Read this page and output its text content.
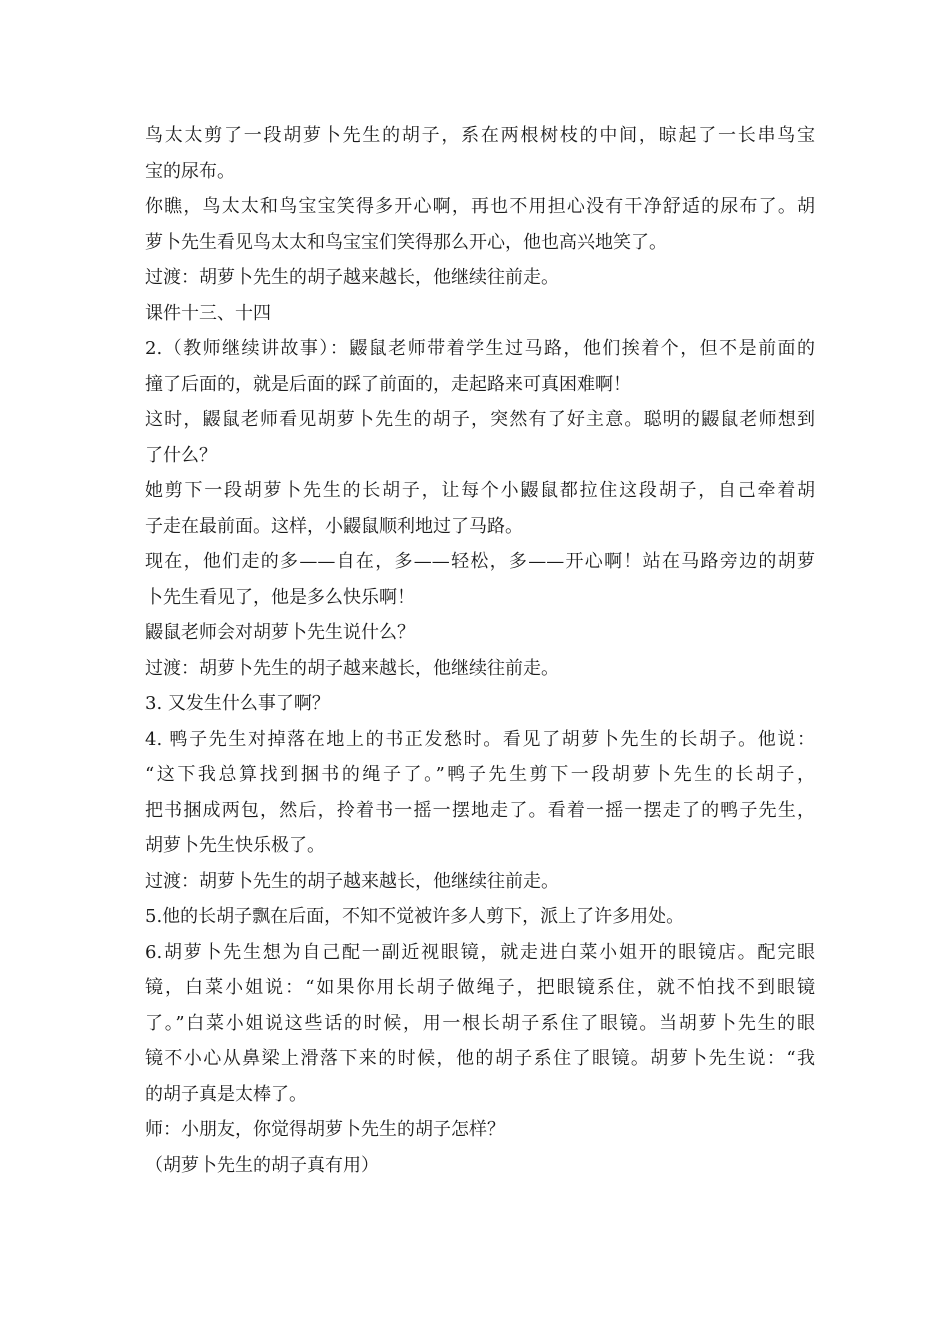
鸟太太剪了一段胡萝卜先生的胡子，系在两根树枝的中间，晾起了一长串鸟宝
宝的尿布。
你瞧，鸟太太和鸟宝宝笑得多开心啊，再也不用担心没有干净舒适的尿布了。胡
萝卜先生看见鸟太太和鸟宝宝们笑得那么开心，他也高兴地笑了。
过渡：胡萝卜先生的胡子越来越长，他继续往前走。
课件十三、十四
2.（教师继续讲故事）：鼹鼠老师带着学生过马路，他们挨着个，但不是前面的
撞了后面的，就是后面的踩了前面的，走起路来可真困难啊！
这时，鼹鼠老师看见胡萝卜先生的胡子，突然有了好主意。聪明的鼹鼠老师想到
了什么？
她剪下一段胡萝卜先生的长胡子，让每个小鼹鼠都拉住这段胡子，自己牵着胡
子走在最前面。这样，小鼹鼠顺利地过了马路。
现在，他们走的多——自在，多——轻松，多——开心啊！站在马路旁边的胡萝
卜先生看见了，他是多么快乐啊！
鼹鼠老师会对胡萝卜先生说什么？
过渡：胡萝卜先生的胡子越来越长，他继续往前走。
3. 又发生什么事了啊？
4. 鸭子先生对掉落在地上的书正发愁时。看见了胡萝卜先生的长胡子。他说：
“这下我总算找到捆书的绳子了。”鸭子先生剪下一段胡萝卜先生的长胡子，
把书捆成两包，然后，拎着书一摇一摆地走了。看着一摇一摆走了的鸭子先生，
胡萝卜先生快乐极了。
过渡：胡萝卜先生的胡子越来越长，他继续往前走。
5.他的长胡子飘在后面，不知不觉被许多人剪下，派上了许多用处。
6.胡萝卜先生想为自己配一副近视眼镜，就走进白菜小姐开的眼镜店。配完眼
镜，白菜小姐说：“如果你用长胡子做绳子，把眼镜系住，就不怕找不到眼镜
了。”白菜小姐说这些话的时候，用一根长胡子系住了眼镜。当胡萝卜先生的眼
镜不小心从鼻梁上滑落下来的时候，他的胡子系住了眼镜。胡萝卜先生说：“我
的胡子真是太棒了。
师：小朋友，你觉得胡萝卜先生的胡子怎样？
（胡萝卜先生的胡子真有用）
